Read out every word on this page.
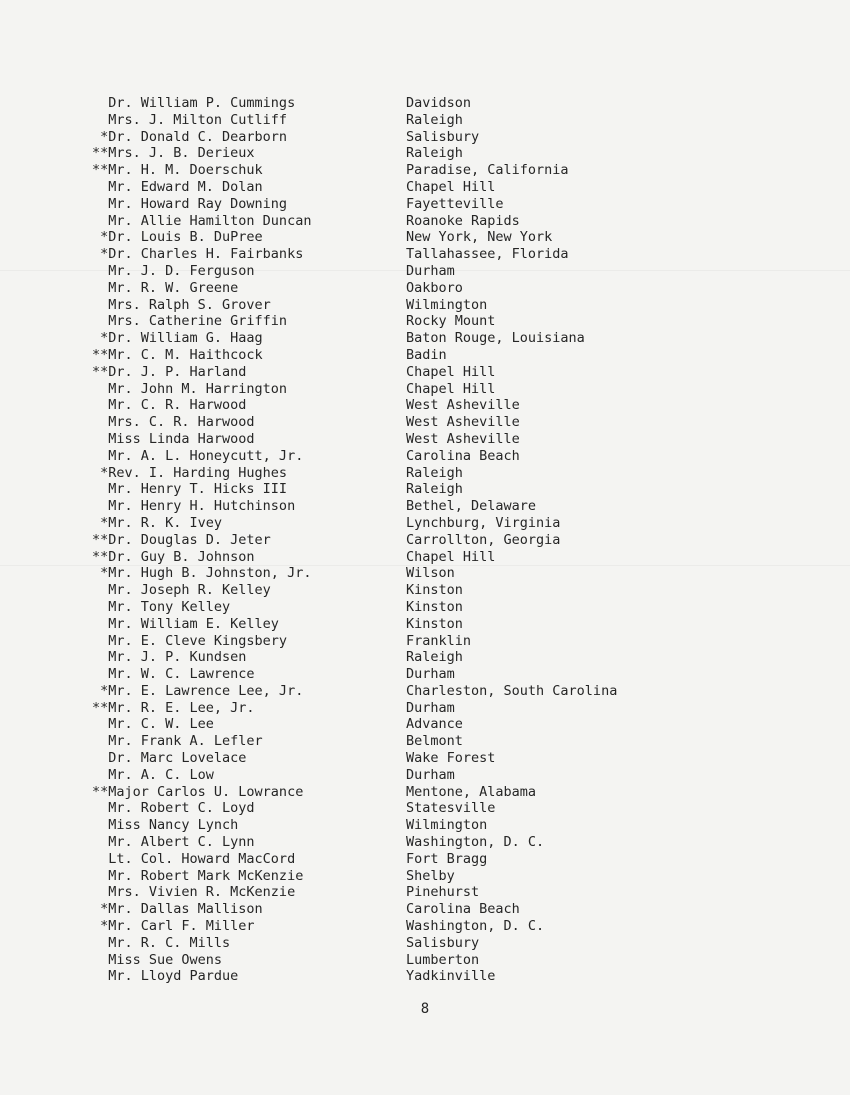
Dr. William P. Cummings	Davidson
Mrs. J. Milton Cutliff	Raleigh
*Dr. Donald C. Dearborn	Salisbury
**Mrs. J. B. Derieux	Raleigh
**Mr. H. M. Doerschuk	Paradise, California
Mr. Edward M. Dolan	Chapel Hill
Mr. Howard Ray Downing	Fayetteville
Mr. Allie Hamilton Duncan	Roanoke Rapids
*Dr. Louis B. DuPree	New York, New York
*Dr. Charles H. Fairbanks	Tallahassee, Florida
Mr. J. D. Ferguson	Durham
Mr. R. W. Greene	Oakboro
Mrs. Ralph S. Grover	Wilmington
Mrs. Catherine Griffin	Rocky Mount
*Dr. William G. Haag	Baton Rouge, Louisiana
**Mr. C. M. Haithcock	Badin
**Dr. J. P. Harland	Chapel Hill
Mr. John M. Harrington	Chapel Hill
Mr. C. R. Harwood	West Asheville
Mrs. C. R. Harwood	West Asheville
Miss Linda Harwood	West Asheville
Mr. A. L. Honeycutt, Jr.	Carolina Beach
*Rev. I. Harding Hughes	Raleigh
Mr. Henry T. Hicks III	Raleigh
Mr. Henry H. Hutchinson	Bethel, Delaware
*Mr. R. K. Ivey	Lynchburg, Virginia
**Dr. Douglas D. Jeter	Carrollton, Georgia
**Dr. Guy B. Johnson	Chapel Hill
*Mr. Hugh B. Johnston, Jr.	Wilson
Mr. Joseph R. Kelley	Kinston
Mr. Tony Kelley	Kinston
Mr. William E. Kelley	Kinston
Mr. E. Cleve Kingsbery	Franklin
Mr. J. P. Kundsen	Raleigh
Mr. W. C. Lawrence	Durham
*Mr. E. Lawrence Lee, Jr.	Charleston, South Carolina
**Mr. R. E. Lee, Jr.	Durham
Mr. C. W. Lee	Advance
Mr. Frank A. Lefler	Belmont
Dr. Marc Lovelace	Wake Forest
Mr. A. C. Low	Durham
**Major Carlos U. Lowrance	Mentone, Alabama
Mr. Robert C. Loyd	Statesville
Miss Nancy Lynch	Wilmington
Mr. Albert C. Lynn	Washington, D. C.
Lt. Col. Howard MacCord	Fort Bragg
Mr. Robert Mark McKenzie	Shelby
Mrs. Vivien R. McKenzie	Pinehurst
*Mr. Dallas Mallison	Carolina Beach
*Mr. Carl F. Miller	Washington, D. C.
Mr. R. C. Mills	Salisbury
Miss Sue Owens	Lumberton
Mr. Lloyd Pardue	Yadkinville
8
